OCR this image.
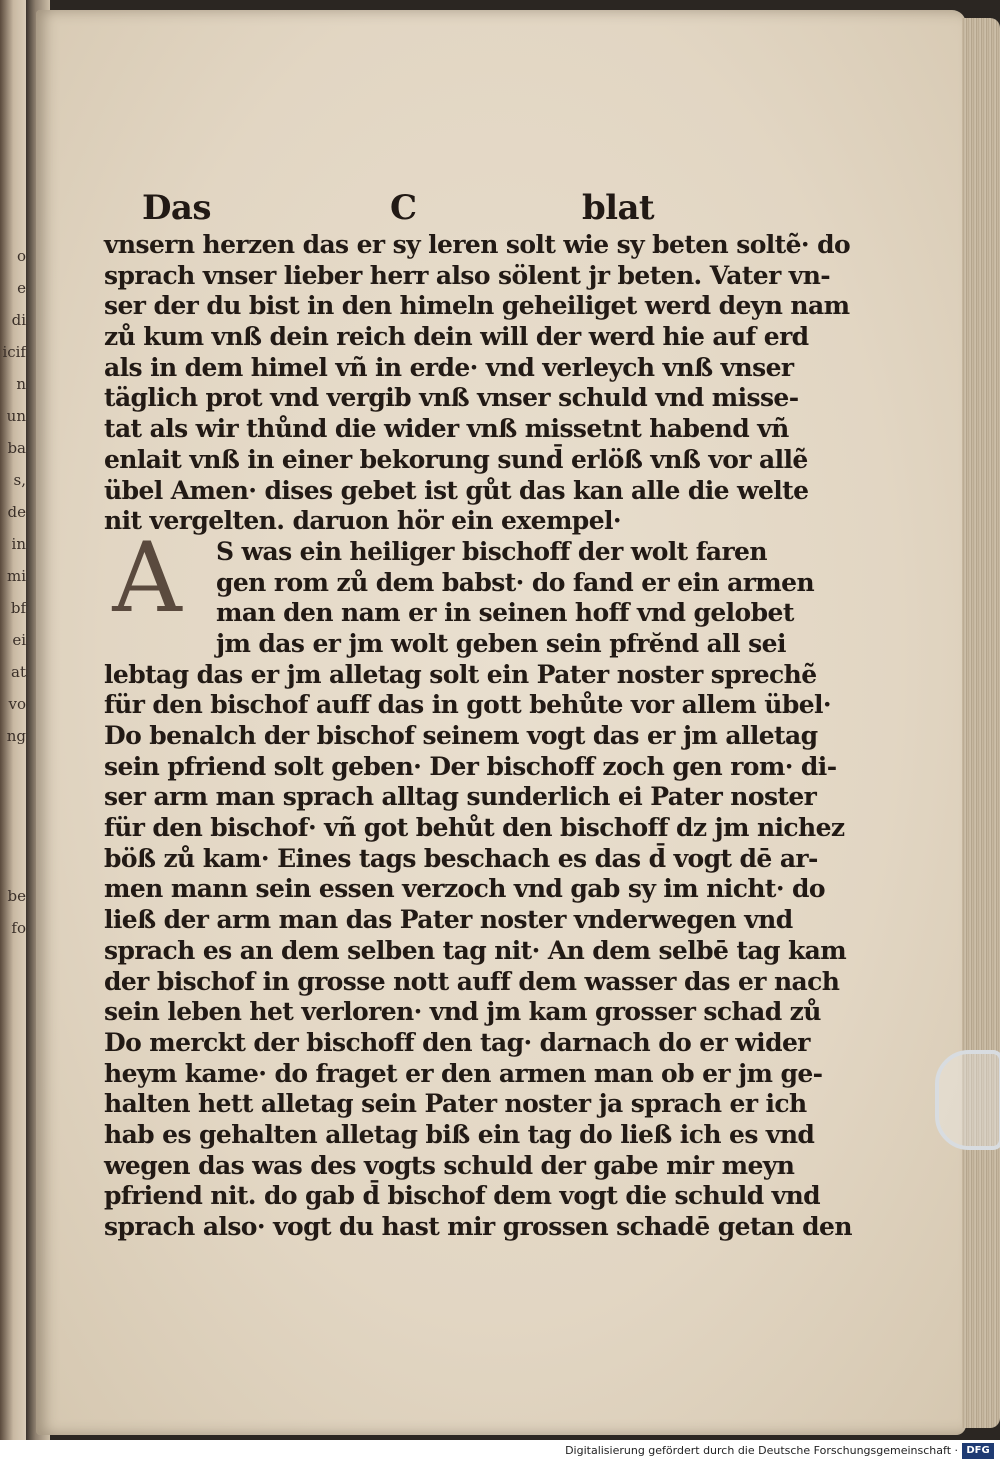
o
e
di
icif
n
un
ba
s,
de
in
mi
bf
ei
at
vo
ng

be
fo
A
Das	C	blat
vnsern herzen das er sy leren solt wie sy beten soltẽ· do
sprach vnser lieber herr also sölent jr beten. Vater vn-
ser der du bist in den himeln geheiliget werd deyn nam
zů kum vnß dein reich dein will der werd hie auf erd
als in dem himel vñ in erde· vnd verleych vnß vnser
täglich prot vnd vergib vnß vnser schuld vnd misse-
tat als wir thůnd die wider vnß missetnt habend vñ
enlait vnß in einer bekorung sund̄ erlöß vnß vor allẽ
übel Amen· dises gebet ist gůt das kan alle die welte
nit vergelten. daruon hör ein exempel·
S was ein heiliger bischoff der wolt faren
gen rom zů dem babst· do fand er ein armen
man den nam er in seinen hoff vnd gelobet
jm das er jm wolt geben sein pfrĕnd all sei
lebtag das er jm alletag solt ein Pater noster sprechẽ
für den bischof auff das in gott behůte vor allem übel·
Do benalch der bischof seinem vogt das er jm alletag
sein pfriend solt geben· Der bischoff zoch gen rom· di-
ser arm man sprach alltag sunderlich ei Pater noster
für den bischof· vñ got behůt den bischoff dz jm nichez
böß zů kam· Eines tags beschach es das d̄ vogt dē ar-
men mann sein essen verzoch vnd gab sy im nicht· do
ließ der arm man das Pater noster vnderwegen vnd
sprach es an dem selben tag nit· An dem selbē tag kam
der bischof in grosse nott auff dem wasser das er nach
sein leben het verloren· vnd jm kam grosser schad zů
Do merckt der bischoff den tag· darnach do er wider
heym kame· do fraget er den armen man ob er jm ge-
halten hett alletag sein Pater noster ja sprach er ich
hab es gehalten alletag biß ein tag do ließ ich es vnd
wegen das was des vogts schuld der gabe mir meyn
pfriend nit. do gab d̄ bischof dem vogt die schuld vnd
sprach also· vogt du hast mir grossen schadē getan den
Digitalisierung gefördert durch die Deutsche Forschungsgemeinschaft · DFG
